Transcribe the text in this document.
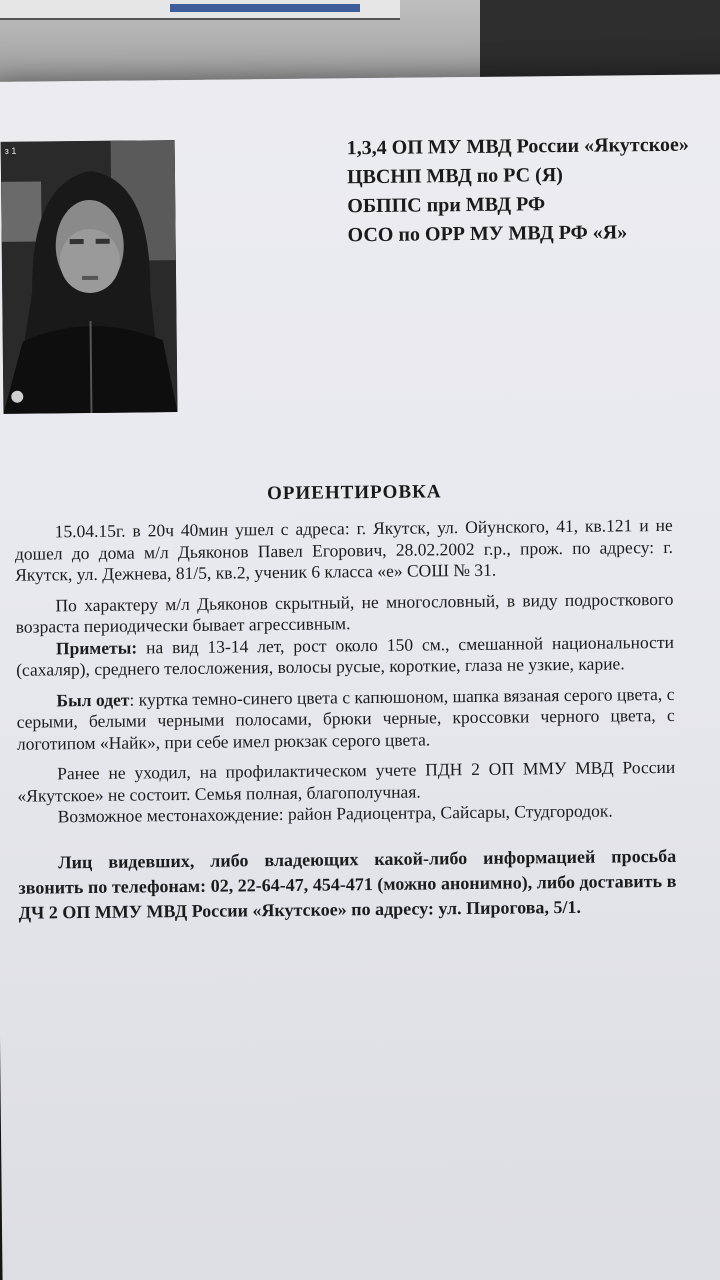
з 1	1,3,4 ОП МУ МВД России «Якутское»
ЦВСНП МВД по РС (Я)
ОБППС при МВД РФ
ОСО по ОРР МУ МВД РФ «Я»
ОРИЕНТИРОВКА

15.04.15г. в 20ч 40мин ушел с адреса: г. Якутск, ул. Ойунского, 41, кв.121 и не дошел до дома м/л Дьяконов Павел Егорович, 28.02.2002 г.р., прож. по адресу: г. Якутск, ул. Дежнева, 81/5, кв.2, ученик 6 класса «е» СОШ № 31.

По характеру м/л Дьяконов скрытный, не многословный, в виду подросткового возраста периодически бывает агрессивным.

Приметы: на вид 13-14 лет, рост около 150 см., смешанной национальности (сахаляр), среднего телосложения, волосы русые, короткие, глаза не узкие, карие.

Был одет: куртка темно-синего цвета с капюшоном, шапка вязаная серого цвета, с серыми, белыми черными полосами, брюки черные, кроссовки черного цвета, с логотипом «Найк», при себе имел рюкзак серого цвета.

Ранее не уходил, на профилактическом учете ПДН 2 ОП ММУ МВД России «Якутское» не состоит. Семья полная, благополучная.

Возможное местонахождение: район Радиоцентра, Сайсары, Студгородок.

Лиц видевших, либо владеющих какой-либо информацией просьба звонить по телефонам: 02, 22-64-47, 454-471 (можно анонимно), либо доставить в ДЧ 2 ОП ММУ МВД России «Якутское» по адресу: ул. Пирогова, 5/1.
